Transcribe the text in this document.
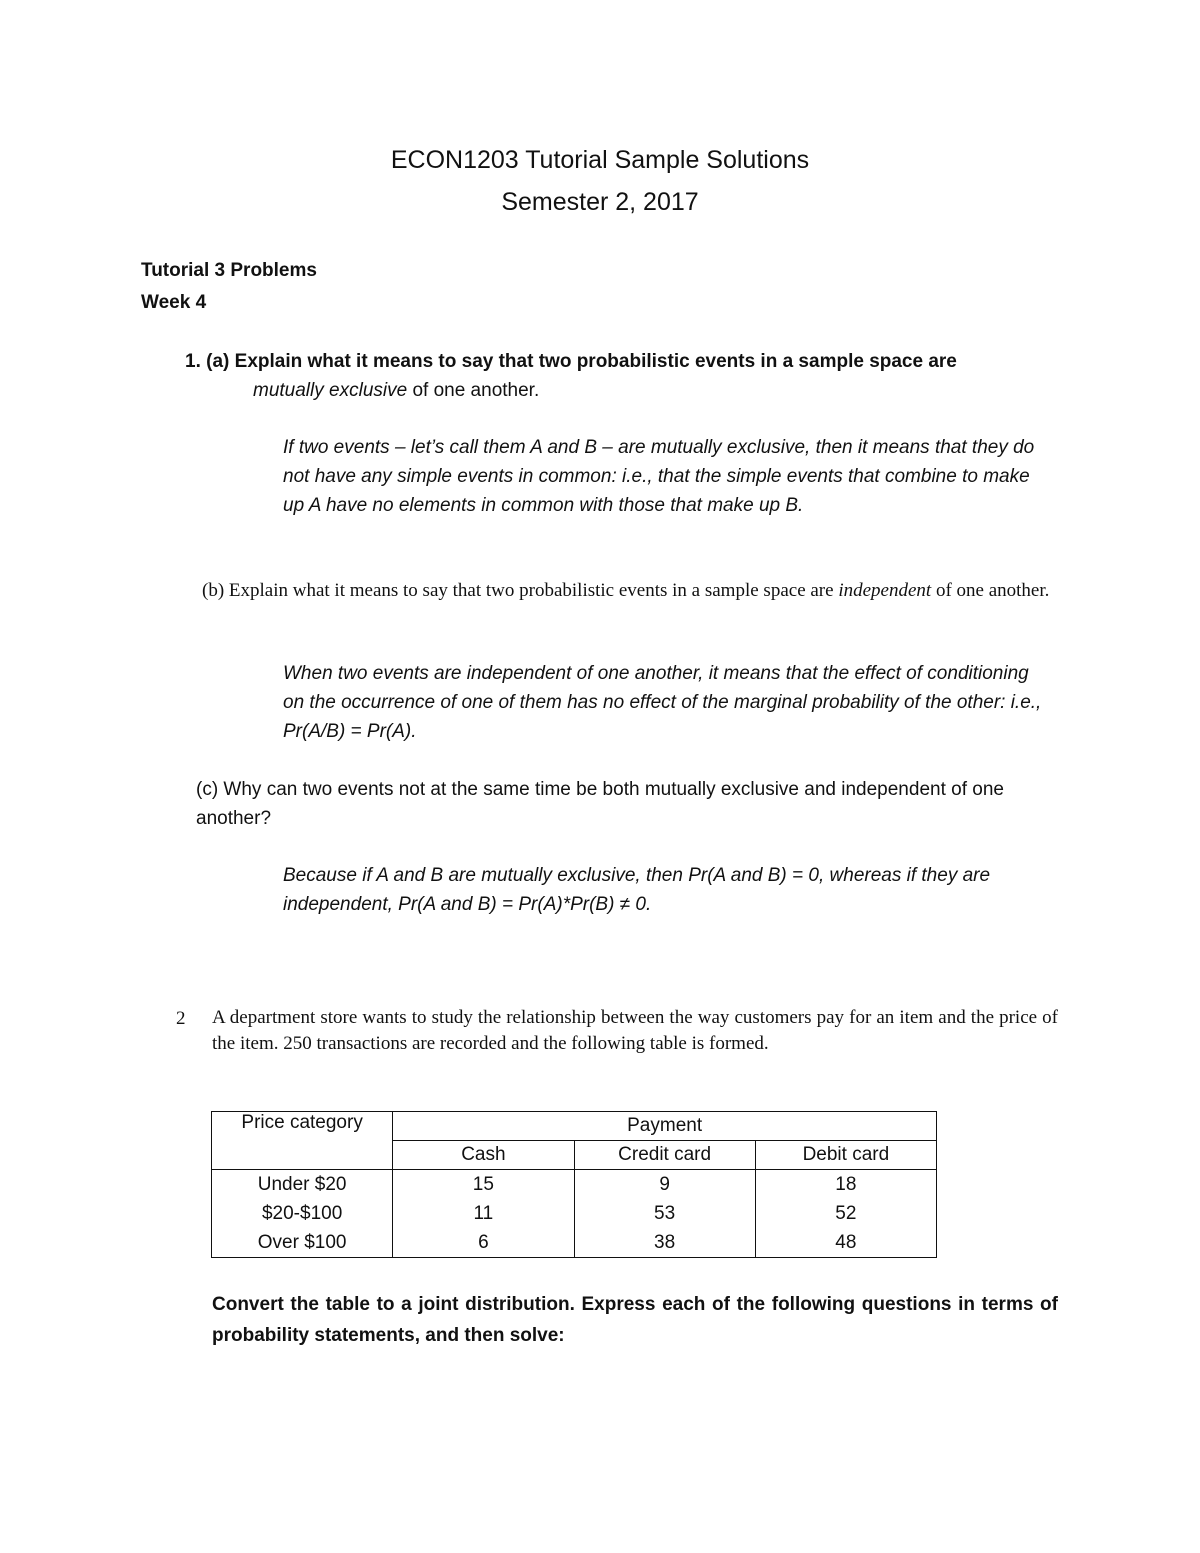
ECON1203 Tutorial Sample Solutions

Semester 2, 2017

Tutorial 3 Problems

Week 4

1. (a) Explain what it means to say that two probabilistic events in a sample space are

mutually exclusive of one another.

If two events – let’s call them A and B – are mutually exclusive, then it means that they do not have any simple events in common: i.e., that the simple events that combine to make up A have no elements in common with those that make up B.

(b) Explain what it means to say that two probabilistic events in a sample space are independent of one another.

When two events are independent of one another, it means that the effect of conditioning on the occurrence of one of them has no effect of the marginal probability of the other: i.e., Pr(A/B) = Pr(A).

(c) Why can two events not at the same time be both mutually exclusive and independent of one another?

Because if A and B are mutually exclusive, then Pr(A and B) = 0, whereas if they are independent, Pr(A and B) = Pr(A)*Pr(B) ≠ 0.

2 A department store wants to study the relationship between the way customers pay for an item and the price of the item. 250 transactions are recorded and the following table is formed.

Price category	Payment		
	Cash	Credit card	Debit card
Under $20	15	9	18
$20-$100	11	53	52
Over $100	6	38	48

Convert the table to a joint distribution. Express each of the following questions in terms of probability statements, and then solve:
